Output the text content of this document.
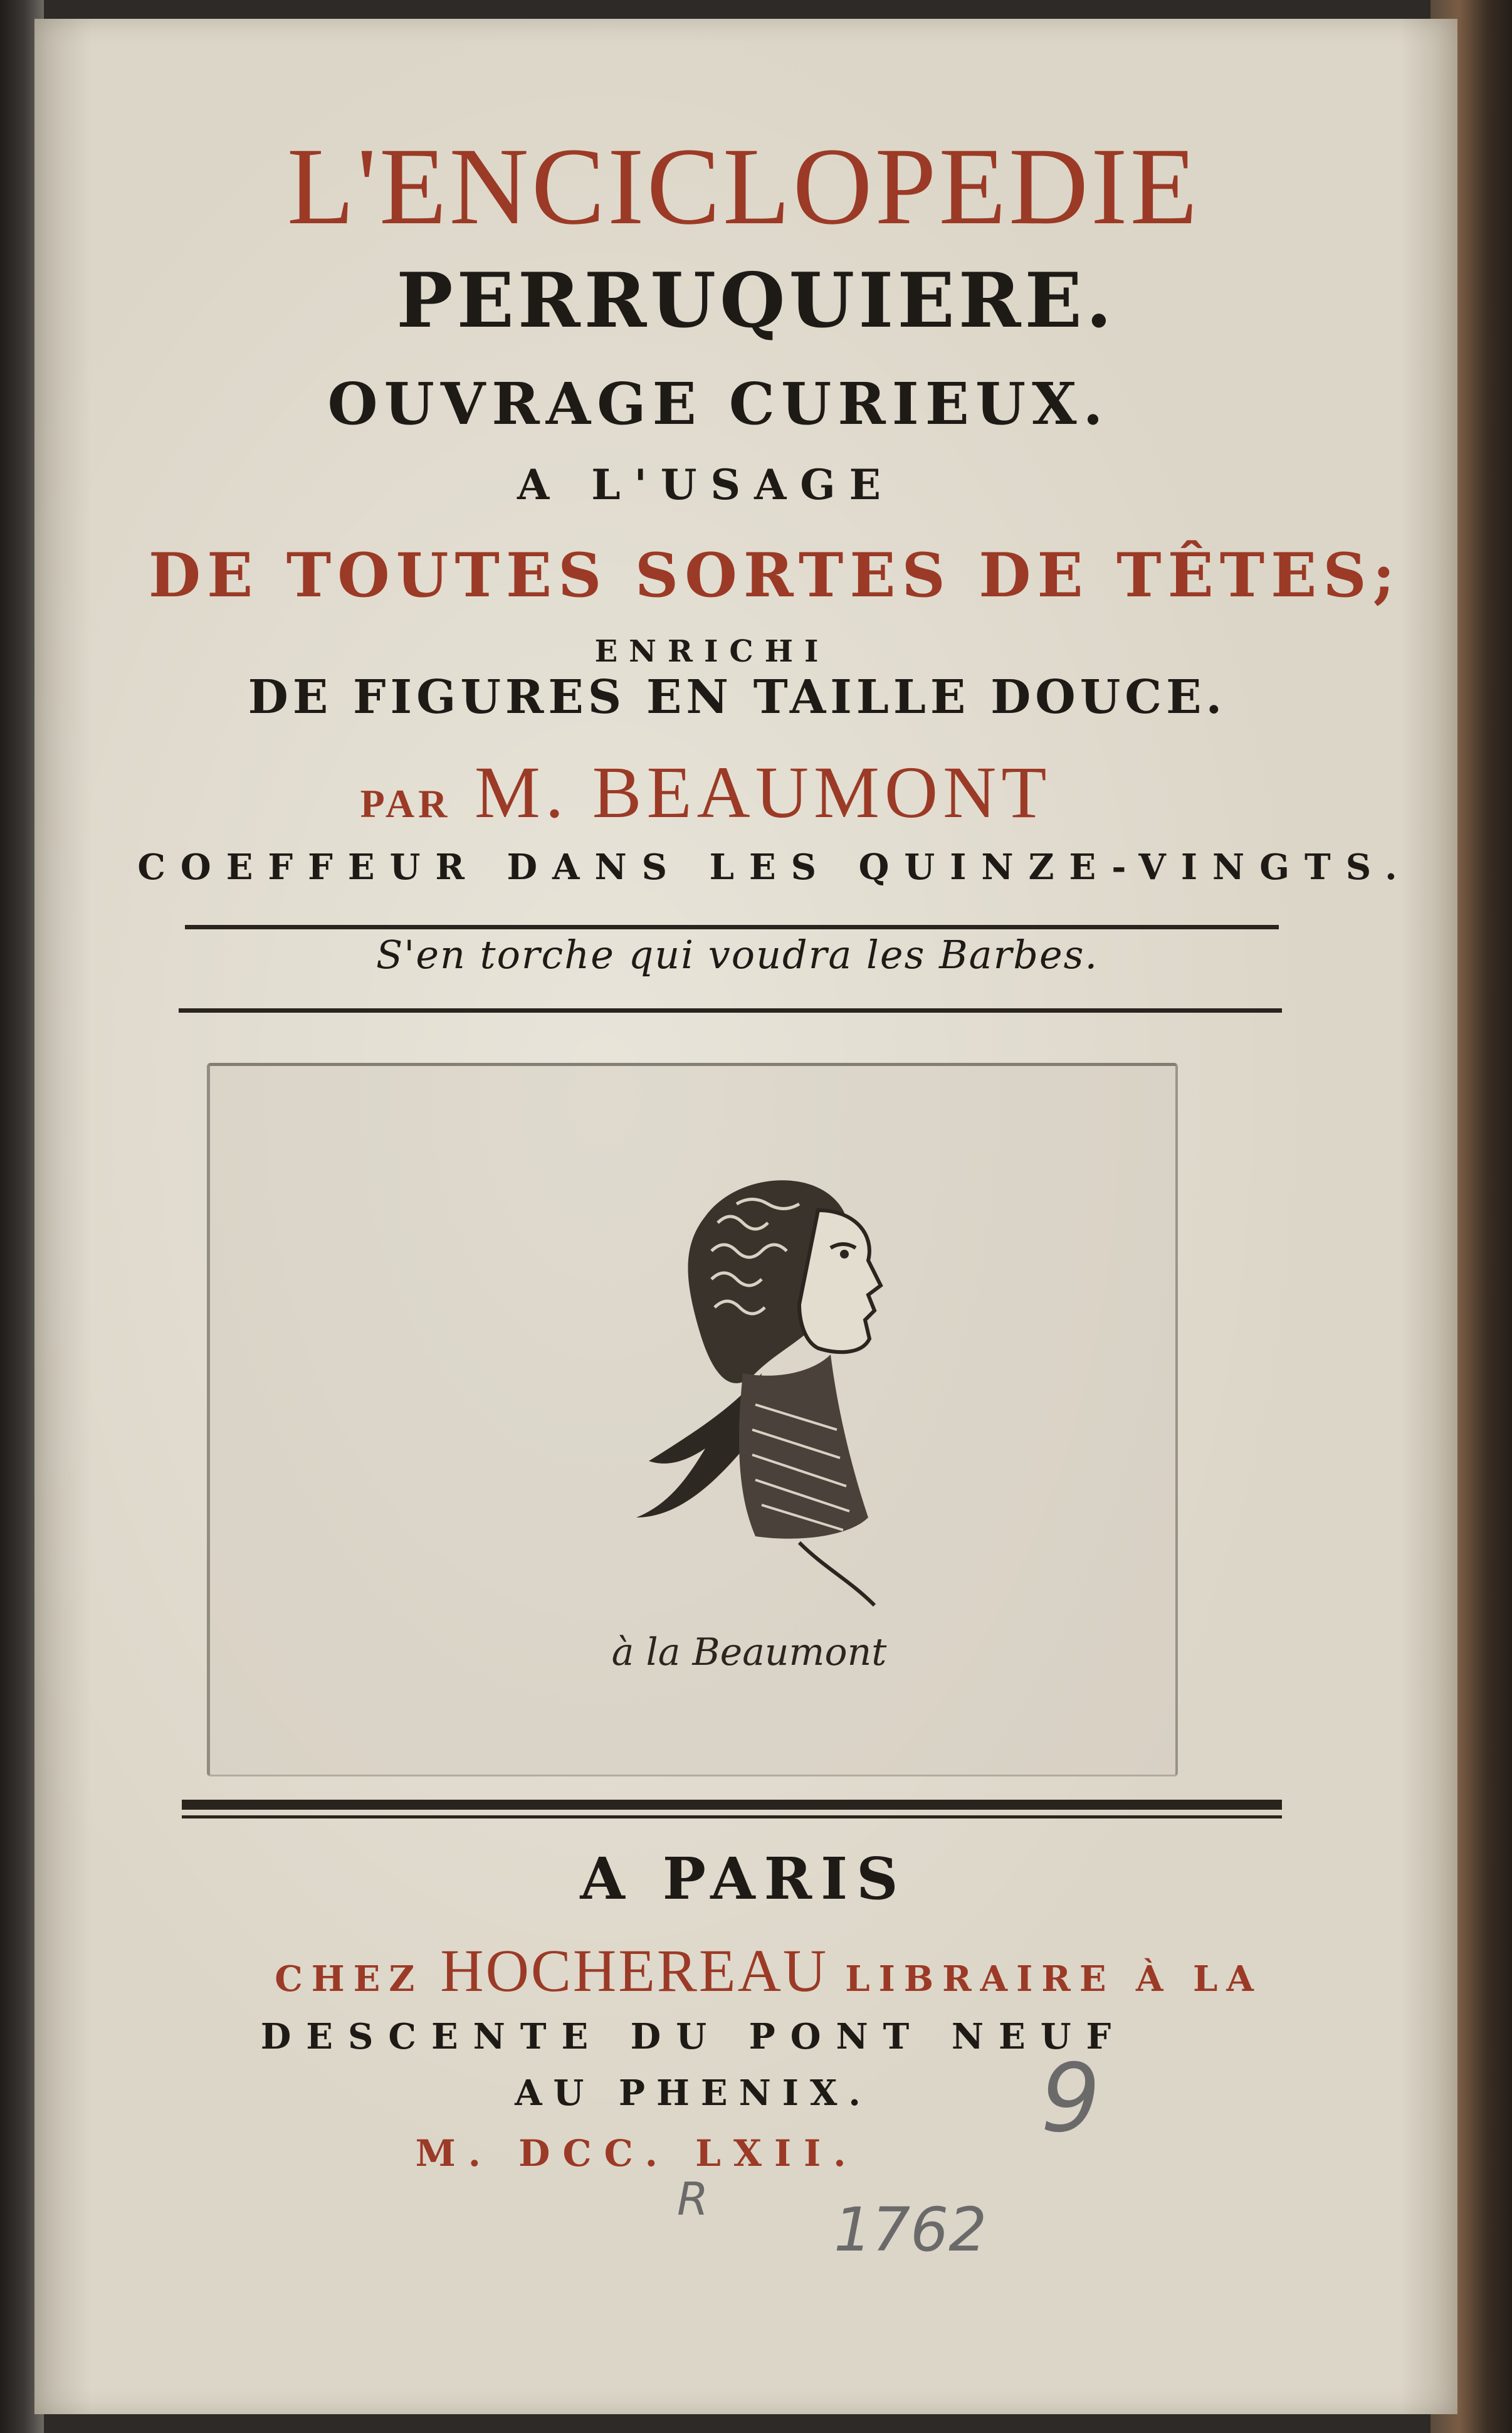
L'ENCICLOPEDIE
PERRUQUIERE.
OUVRAGE CURIEUX.
A L'USAGE
DE TOUTES SORTES DE TÊTES;
ENRICHI
DE FIGURES EN TAILLE DOUCE.
PAR M. BEAUMONT
COEFFEUR DANS LES QUINZE-VINGTS.
S'en torche qui voudra les Barbes.
à la Beaumont
A PARIS
CHEZ HOCHEREAU LIBRAIRE À LA
DESCENTE DU PONT NEUF
AU PHENIX.
M. DCC. LXII.	9
R 1762
